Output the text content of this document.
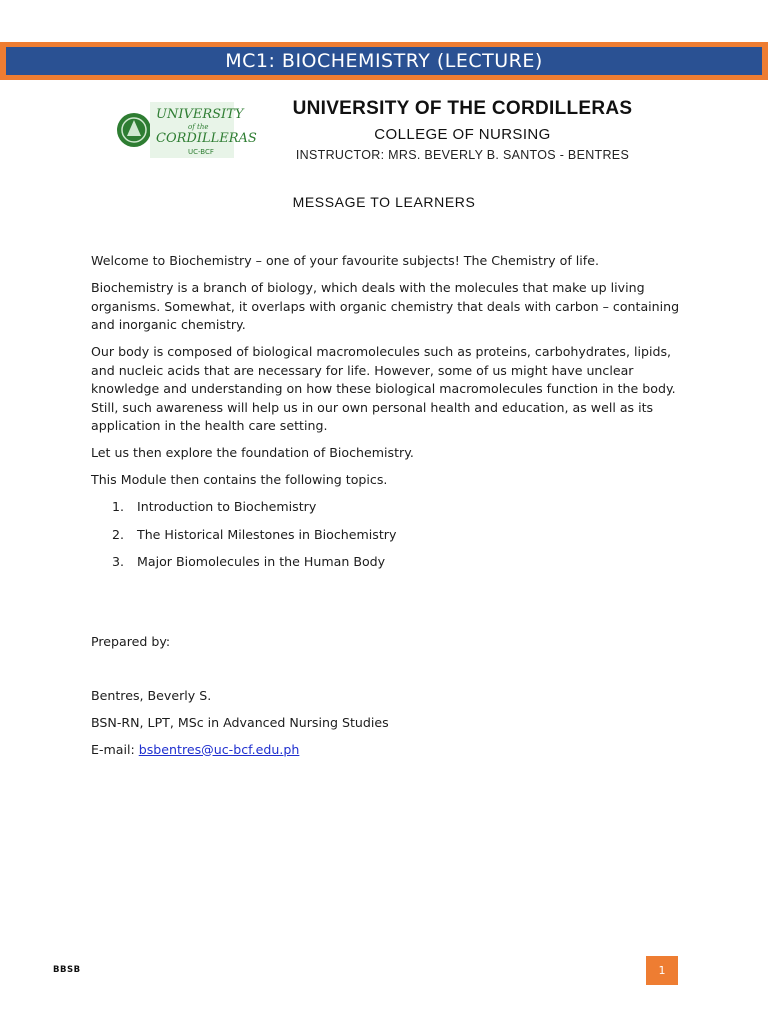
MC1: BIOCHEMISTRY (LECTURE)
UNIVERSITY
of the
CORDILLERAS
UC-BCF
UNIVERSITY OF THE CORDILLERAS
COLLEGE OF NURSING
INSTRUCTOR: MRS. BEVERLY B. SANTOS - BENTRES
MESSAGE TO LEARNERS

Welcome to Biochemistry – one of your favourite subjects! The Chemistry of life.

Biochemistry is a branch of biology, which deals with the molecules that make up living organisms. Somewhat, it overlaps with organic chemistry that deals with carbon – containing and inorganic chemistry.

Our body is composed of biological macromolecules such as proteins, carbohydrates, lipids, and nucleic acids that are necessary for life. However, some of us might have unclear knowledge and understanding on how these biological macromolecules function in the body. Still, such awareness will help us in our own personal health and education, as well as its application in the health care setting.

Let us then explore the foundation of Biochemistry.

This Module then contains the following topics.

1.	Introduction to Biochemistry
2.	The Historical Milestones in Biochemistry
3.	Major Biomolecules in the Human Body

Prepared by:

Bentres, Beverly S.

BSN-RN, LPT, MSc in Advanced Nursing Studies

E-mail: bsbentres@uc-bcf.edu.ph

BBSB	1
